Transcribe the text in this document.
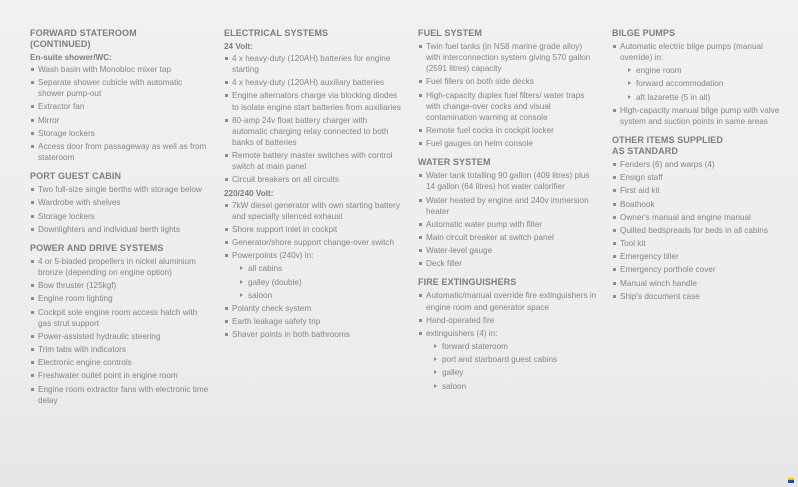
FORWARD STATEROOM
(CONTINUED)
En-suite shower/WC:
Wash basin with Monobloc mixer tap
Separate shower cubicle with automatic shower pump-out
Extractor fan
Mirror
Storage lockers
Access door from passageway as well as from stateroom
PORT GUEST CABIN
Two full-size single berths with storage below
Wardrobe with shelves
Storage lockers
Downlighters and individual berth lights
POWER AND DRIVE SYSTEMS
4 or 5-bladed propellers in nickel aluminium bronze (depending on engine option)
Bow thruster (125kgf)
Engine room lighting
Cockpit sole engine room access hatch with gas strut support
Power-assisted hydraulic steering
Trim tabs with indicators
Electronic engine controls
Freshwater outlet point in engine room
Engine room extractor fans with electronic time delay
ELECTRICAL SYSTEMS
24 Volt:
4 x heavy-duty (120AH) batteries for engine starting
4 x heavy-duty (120AH) auxiliary batteries
Engine alternators charge via blocking diodes to isolate engine start batteries from auxiliaries
80-amp 24v float battery charger with automatic charging relay connected to both banks of batteries
Remote battery master switches with control switch at main panel
Circuit breakers on all circuits
220/240 Volt:
7kW diesel generator with own starting battery and specially silenced exhaust
Shore support inlet in cockpit
Generator/shore support change-over switch
Powerpoints (240v) in:
all cabins
galley (double)
saloon
Polarity check system
Earth leakage safety trip
Shaver points in both bathrooms
FUEL SYSTEM
Twin fuel tanks (in NS8 marine grade alloy) with interconnection system giving 570 gallon (2591 litres) capacity
Fuel fillers on both side decks
High-capacity duplex fuel filters/ water traps with change-over cocks and visual contamination warning at console
Remote fuel cocks in cockpit locker
Fuel gauges on helm console
WATER SYSTEM
Water tank totalling 90 gallon (409 litres) plus 14 gallon (64 litres) hot water calorifier
Water heated by engine and 240v immersion heater
Automatic water pump with filter
Main circuit breaker at switch panel
Water-level gauge
Deck filler
FIRE EXTINGUISHERS
Automatic/manual override fire extinguishers in engine room and generator space
Hand-operated fire
extinguishers (4) in:
forward stateroom
port and starboard guest cabins
galley
saloon
BILGE PUMPS
Automatic electric bilge pumps (manual override) in:
engine room
forward accommodation
aft lazarette (5 in all)
High-capacity manual bilge pump with valve system and suction points in same areas
OTHER ITEMS SUPPLIED
AS STANDARD
Fenders (6) and warps (4)
Ensign staff
First aid kit
Boathook
Owner's manual and engine manual
Quilted bedspreads for beds in all cabins
Tool kit
Emergency tiller
Emergency porthole cover
Manual winch handle
Ship's document case
